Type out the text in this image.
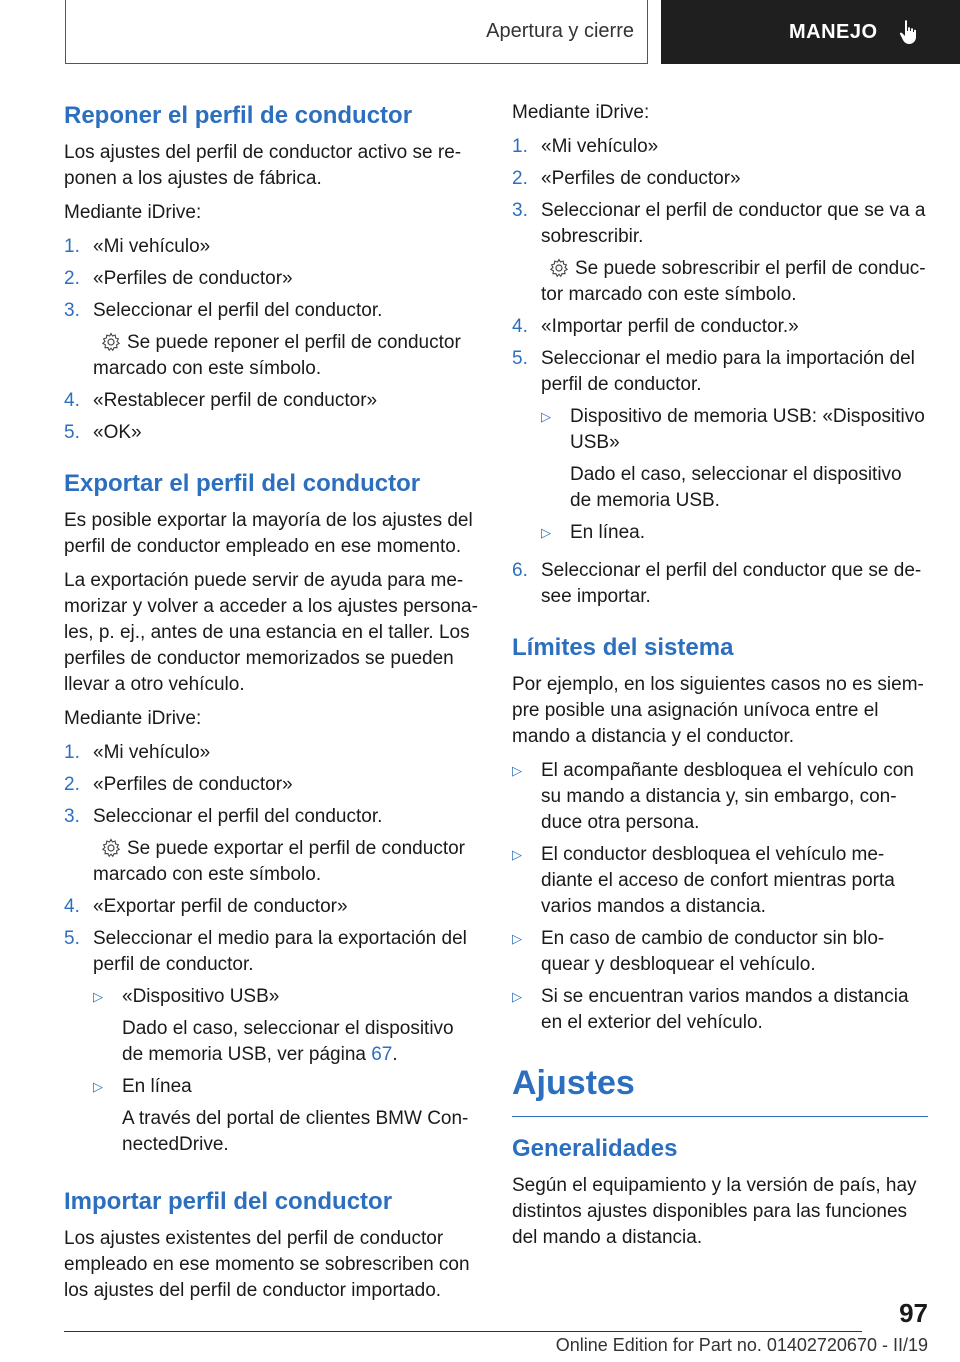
Apertura y cierre	MANEJO
Reponer el perfil de conductor

Los ajustes del perfil de conductor activo se re-ponen a los ajustes de fábrica.

Mediante iDrive:

1. «Mi vehículo»
2. «Perfiles de conductor»
3. Seleccionar el perfil del conductor.
Se puede reponer el perfil de conductor marcado con este símbolo.
4. «Restablecer perfil de conductor»
5. «OK»
Exportar el perfil del conductor

Es posible exportar la mayoría de los ajustes del perfil de conductor empleado en ese momento.

La exportación puede servir de ayuda para me-morizar y volver a acceder a los ajustes persona-les, p. ej., antes de una estancia en el taller. Los perfiles de conductor memorizados se pueden llevar a otro vehículo.

Mediante iDrive:

1. «Mi vehículo»
2. «Perfiles de conductor»
3. Seleccionar el perfil del conductor.
Se puede exportar el perfil de conductor marcado con este símbolo.
4. «Exportar perfil de conductor»
5. Seleccionar el medio para la exportación del perfil de conductor.
▷	«Dispositivo USB»

Dado el caso, seleccionar el dispositivo de memoria USB, ver página 67.

▷	En línea

A través del portal de clientes BMW Con-nectedDrive.

Importar perfil del conductor

Los ajustes existentes del perfil de conductor empleado en ese momento se sobrescriben con los ajustes del perfil de conductor importado.

Mediante iDrive:

1. «Mi vehículo»
2. «Perfiles de conductor»
3. Seleccionar el perfil de conductor que se va a sobrescribir.
Se puede sobrescribir el perfil de conduc-tor marcado con este símbolo.
4. «Importar perfil de conductor.»
5. Seleccionar el medio para la importación del perfil de conductor.
▷	Dispositivo de memoria USB: «Dispositivo USB»

Dado el caso, seleccionar el dispositivo de memoria USB.

▷	En línea.
6. Seleccionar el perfil del conductor que se de-see importar.
Límites del sistema

Por ejemplo, en los siguientes casos no es siem-pre posible una asignación unívoca entre el mando a distancia y el conductor.

▷	El acompañante desbloquea el vehículo con su mando a distancia y, sin embargo, con-duce otra persona.
▷	El conductor desbloquea el vehículo me-diante el acceso de confort mientras porta varios mandos a distancia.
▷	En caso de cambio de conductor sin blo-quear y desbloquear el vehículo.
▷	Si se encuentran varios mandos a distancia en el exterior del vehículo.
Ajustes
Generalidades

Según el equipamiento y la versión de país, hay distintos ajustes disponibles para las funciones del mando a distancia.

97
Online Edition for Part no. 01402720670 - II/19
